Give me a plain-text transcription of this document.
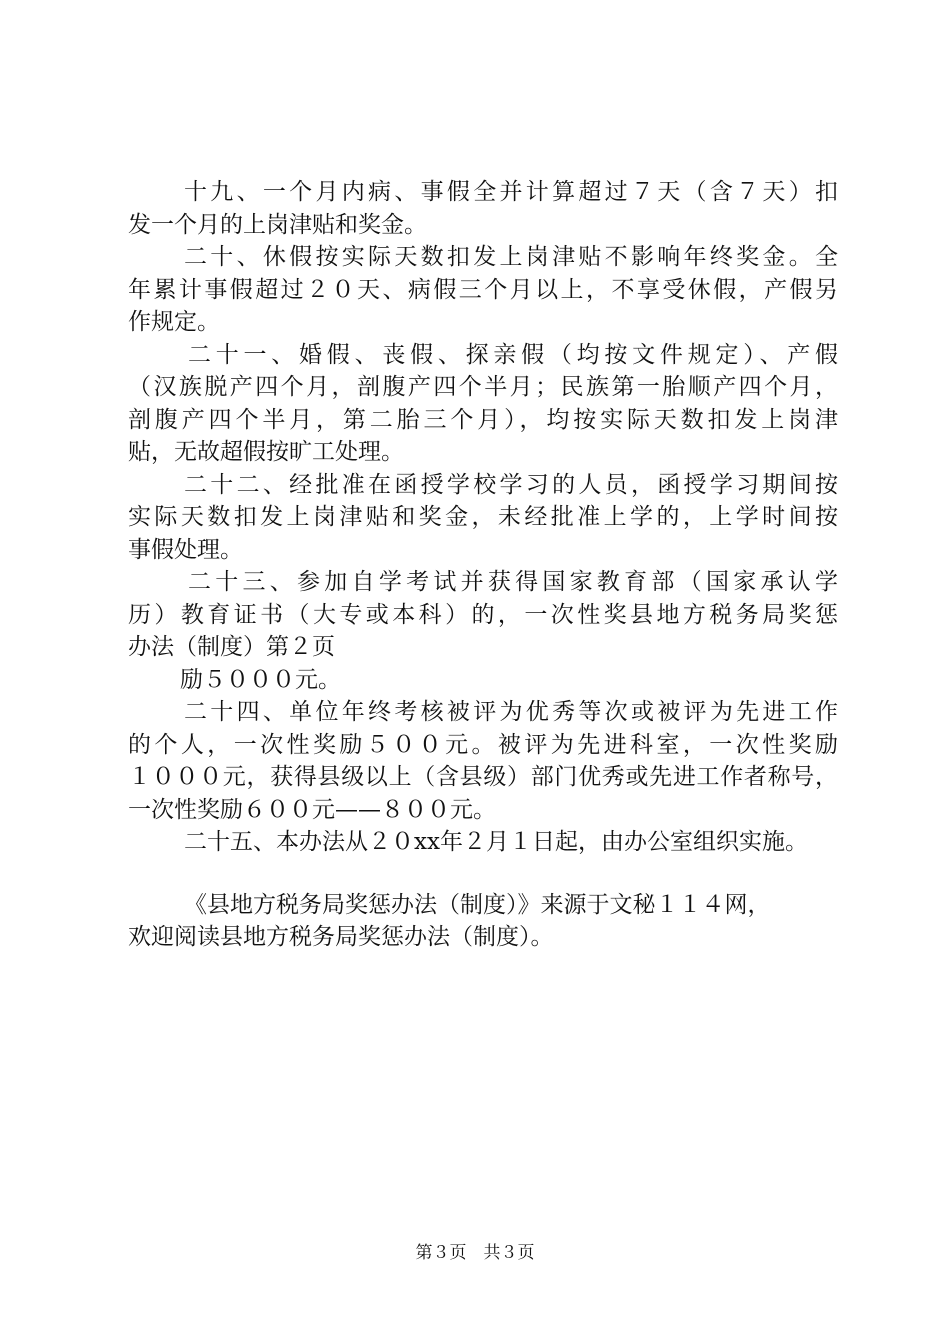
十九、一个月内病、事假全并计算超过７天（含７天）扣
发一个月的上岗津贴和奖金。
二十、休假按实际天数扣发上岗津贴不影响年终奖金。全
年累计事假超过２０天、病假三个月以上，不享受休假，产假另
作规定。
二十一、婚假、丧假、探亲假（均按文件规定）、产假
（汉族脱产四个月，剖腹产四个半月；民族第一胎顺产四个月，
剖腹产四个半月，第二胎三个月），均按实际天数扣发上岗津
贴，无故超假按旷工处理。
二十二、经批准在函授学校学习的人员，函授学习期间按
实际天数扣发上岗津贴和奖金，未经批准上学的，上学时间按
事假处理。
二十三、参加自学考试并获得国家教育部（国家承认学
历）教育证书（大专或本科）的，一次性奖县地方税务局奖惩
办法（制度）第２页
励５０００元。
二十四、单位年终考核被评为优秀等次或被评为先进工作
的个人，一次性奖励５００元。被评为先进科室，一次性奖励
１０００元，获得县级以上（含县级）部门优秀或先进工作者称号，
一次性奖励６００元——８００元。
二十五、本办法从２０xx年２月１日起，由办公室组织实施。
《县地方税务局奖惩办法（制度）》来源于文秘１１４网，
欢迎阅读县地方税务局奖惩办法（制度）。
第３页　共３页
